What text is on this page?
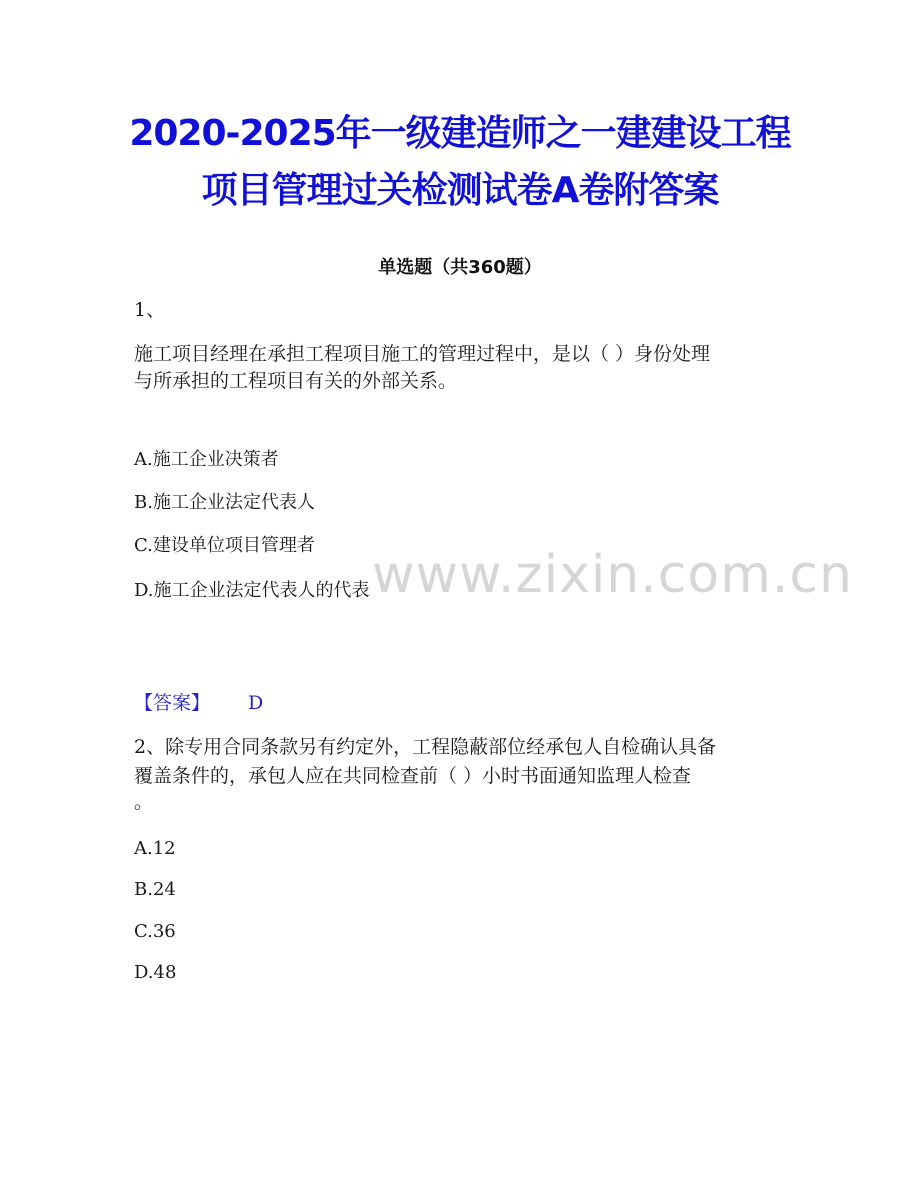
2020-2025年一级建造师之一建建设工程
项目管理过关检测试卷A卷附答案
单选题（共360题）
1、
施工项目经理在承担工程项目施工的管理过程中，是以（ ）身份处理
与所承担的工程项目有关的外部关系。
A.施工企业决策者
B.施工企业法定代表人
C.建设单位项目管理者
D.施工企业法定代表人的代表
【答案】 D
2、除专用合同条款另有约定外，工程隐蔽部位经承包人自检确认具备
覆盖条件的，承包人应在共同检查前（ ）小时书面通知监理人检查
。
A.12
B.24
C.36
D.48
www.zixin.com.cn
